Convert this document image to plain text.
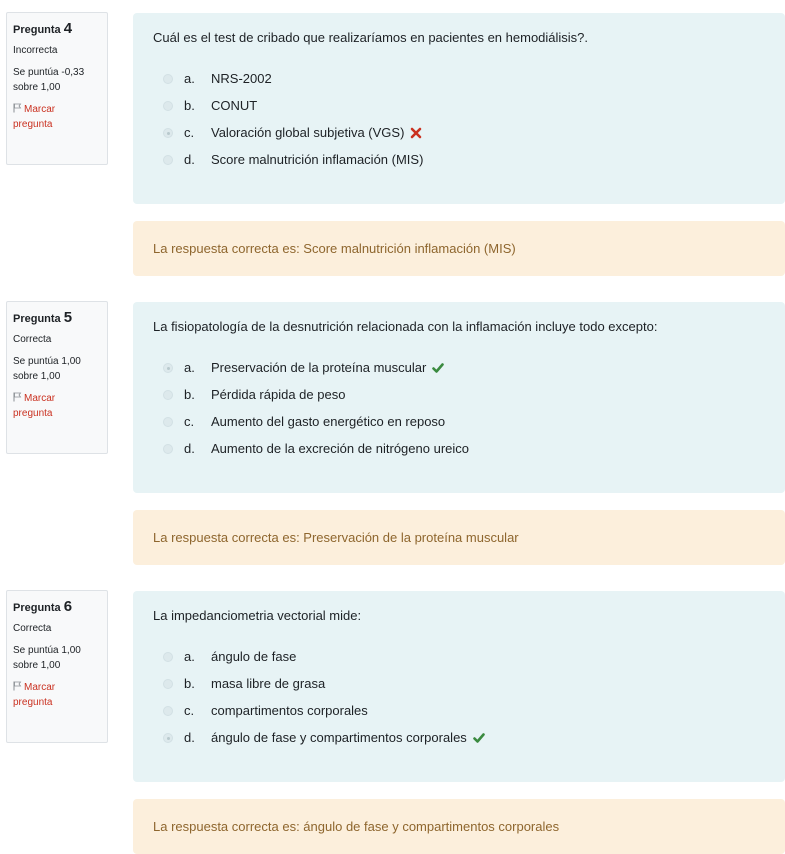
Pregunta 4
Incorrecta
Se puntúa -0,33
sobre 1,00
Marcar
pregunta
Cuál es el test de cribado que realizaríamos en pacientes en hemodiálisis?.
a.	NRS-2002
b.	CONUT
c.	Valoración global subjetiva (VGS)
d.	Score malnutrición inflamación (MIS)
La respuesta correcta es: Score malnutrición inflamación (MIS)
Pregunta 5
Correcta
Se puntúa 1,00
sobre 1,00
Marcar
pregunta
La fisiopatología de la desnutrición relacionada con la inflamación incluye todo excepto:
a.	Preservación de la proteína muscular
b.	Pérdida rápida de peso
c.	Aumento del gasto energético en reposo
d.	Aumento de la excreción de nitrógeno ureico
La respuesta correcta es: Preservación de la proteína muscular
Pregunta 6
Correcta
Se puntúa 1,00
sobre 1,00
Marcar
pregunta
La impedanciometria vectorial mide:
a.	ángulo de fase
b.	masa libre de grasa
c.	compartimentos corporales
d.	ángulo de fase y compartimentos corporales
La respuesta correcta es: ángulo de fase y compartimentos corporales
